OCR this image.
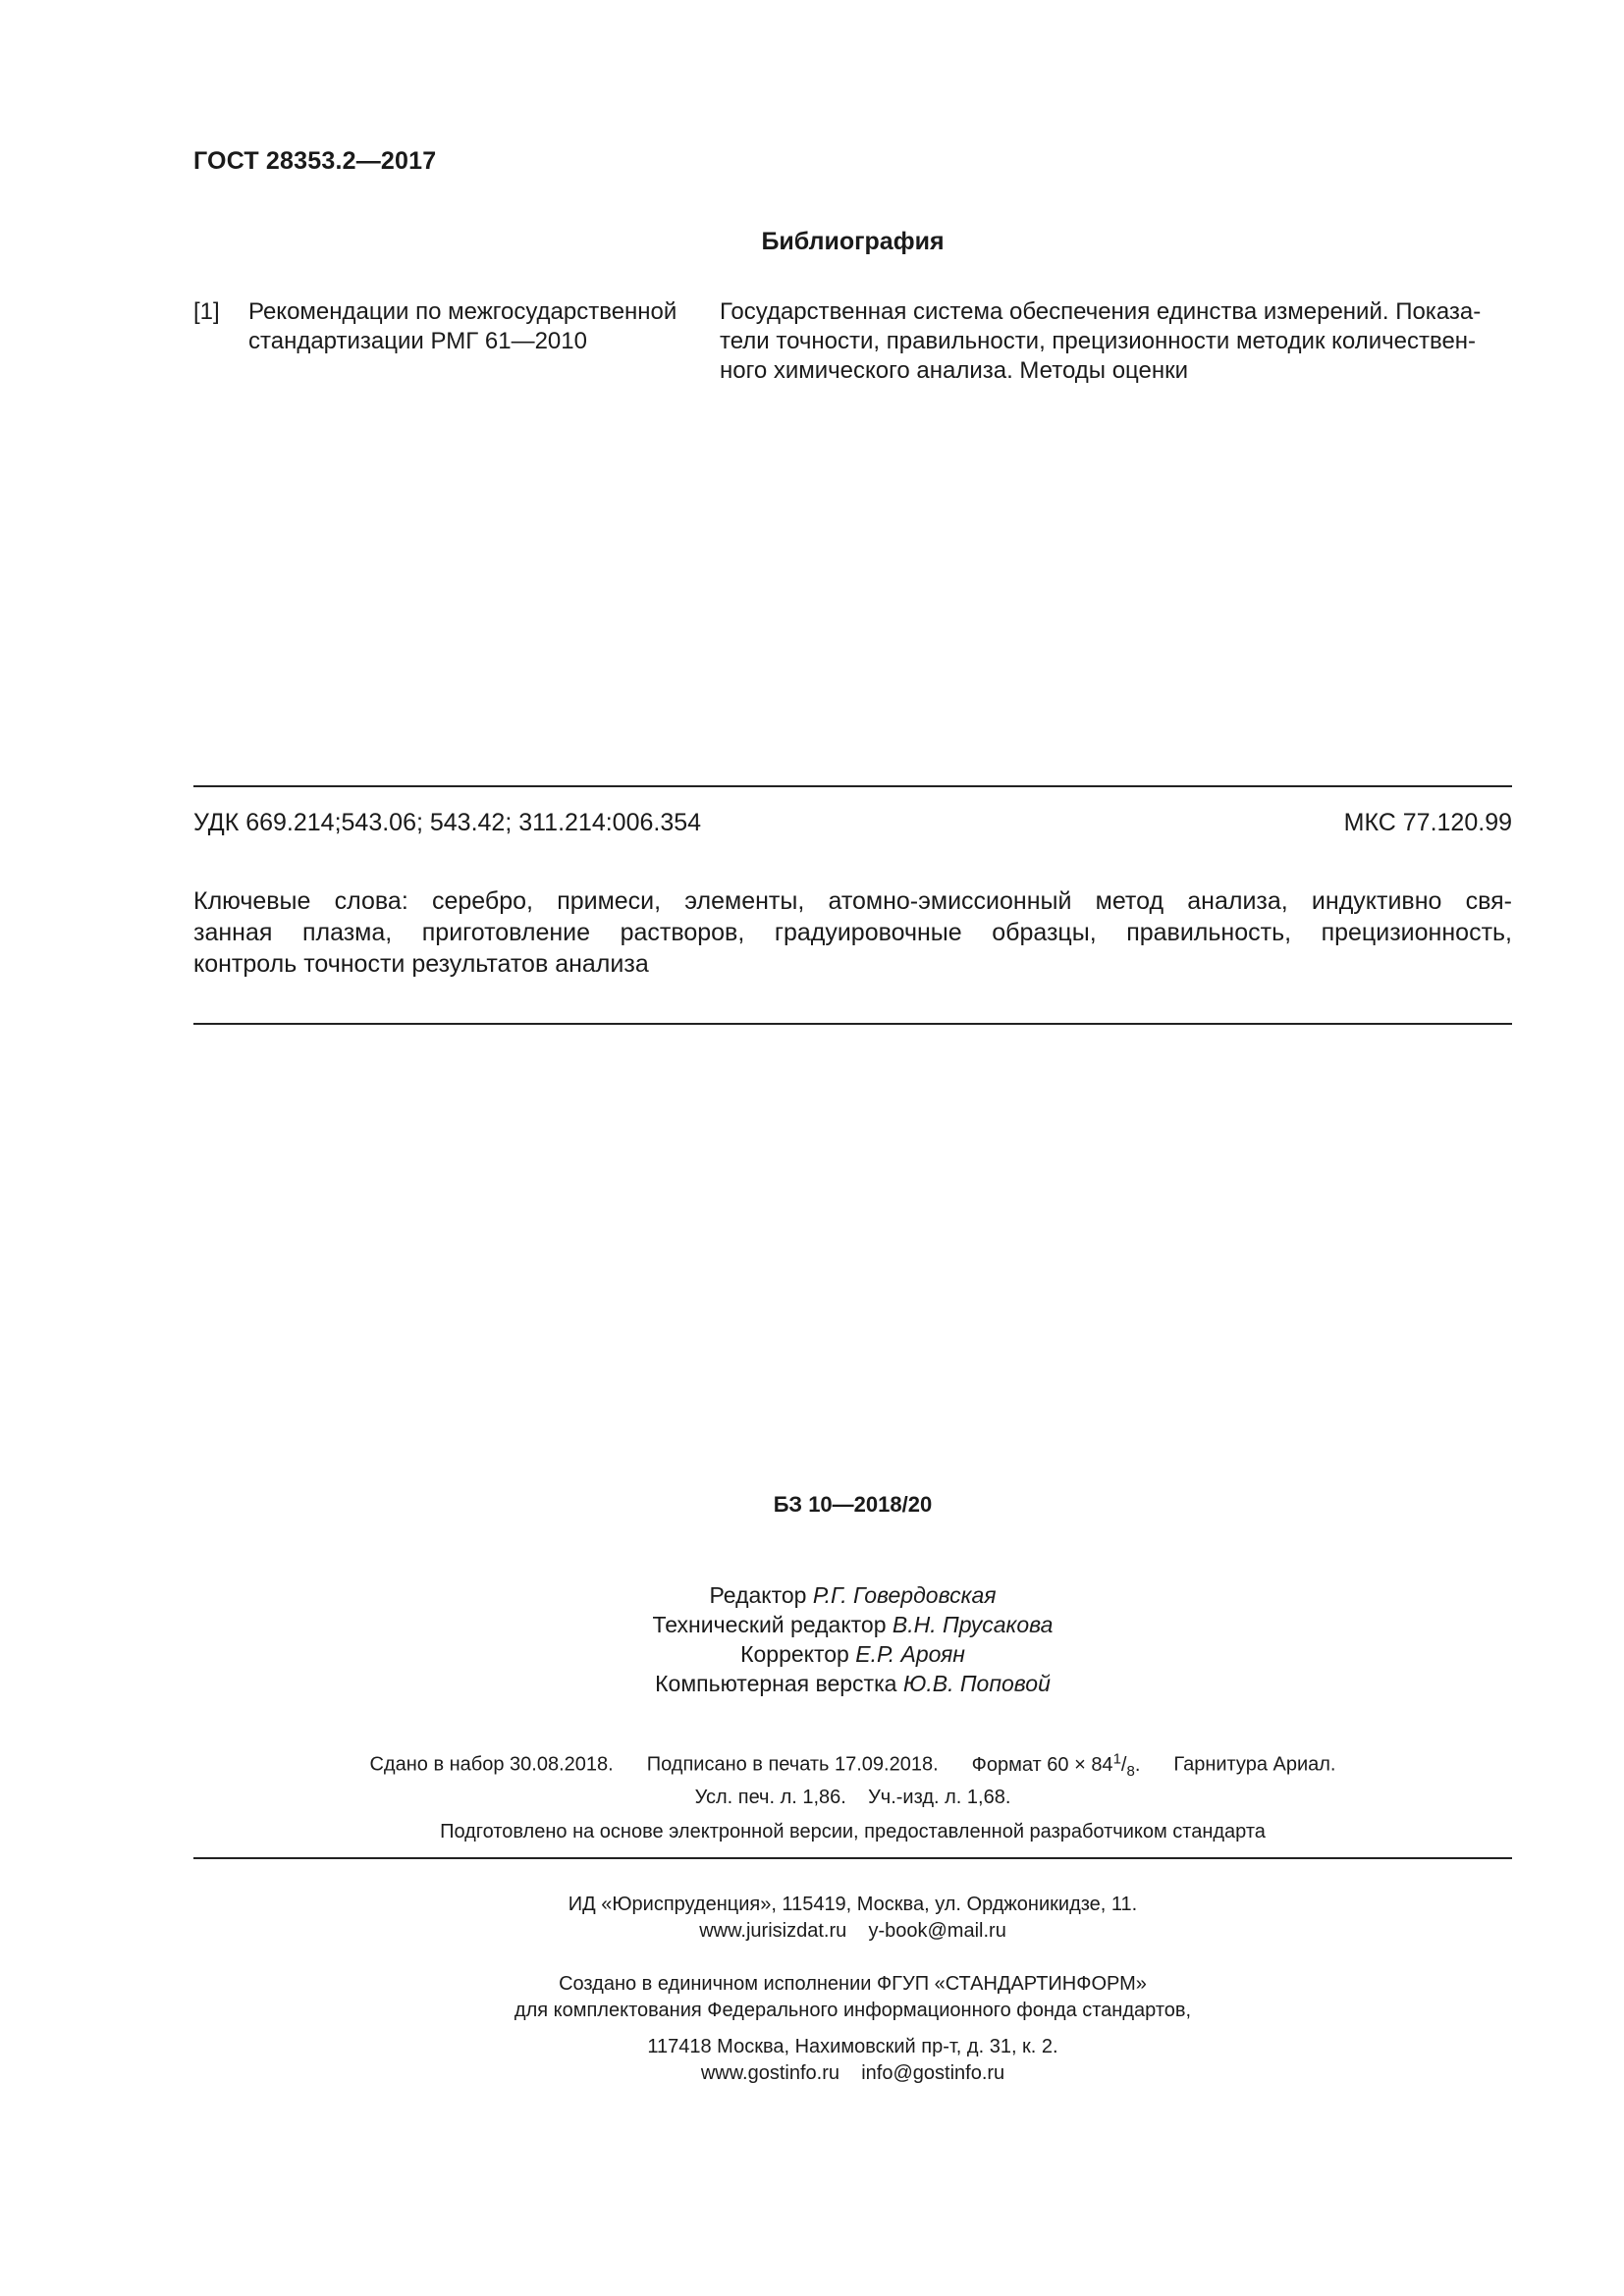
ГОСТ 28353.2—2017
Библиография
[1] Рекомендации по межгосударственной
стандартизации РМГ 61—2010
Государственная система обеспечения единства измерений. Показа-
тели точности, правильности, прецизионности методик количествен-
ного химического анализа. Методы оценки
УДК 669.214;543.06; 543.42; 311.214:006.354	МКС 77.120.99
Ключевые слова: серебро, примеси, элементы, атомно-эмиссионный метод анализа, индуктивно свя-
занная плазма, приготовление растворов, градуировочные образцы, правильность, прецизионность,
контроль точности результатов анализа
БЗ 10—2018/20
Редактор Р.Г. Говердовская
Технический редактор В.Н. Прусакова
Корректор Е.Р. Ароян
Компьютерная верстка Ю.В. Поповой
Сдано в набор 30.08.2018. Подписано в печать 17.09.2018. Формат $60 \times 84^1/_8$. Гарнитура Ариал.
Усл. печ. л. 1,86. Уч.-изд. л. 1,68.
Подготовлено на основе электронной версии, предоставленной разработчиком стандарта
ИД «Юриспруденция», 115419, Москва, ул. Орджоникидзе, 11.
www.jurisizdat.ru y-book@mail.ru
Создано в единичном исполнении ФГУП «СТАНДАРТИНФОРМ»
для комплектования Федерального информационного фонда стандартов,
117418 Москва, Нахимовский пр-т, д. 31, к. 2.
www.gostinfo.ru info@gostinfo.ru
